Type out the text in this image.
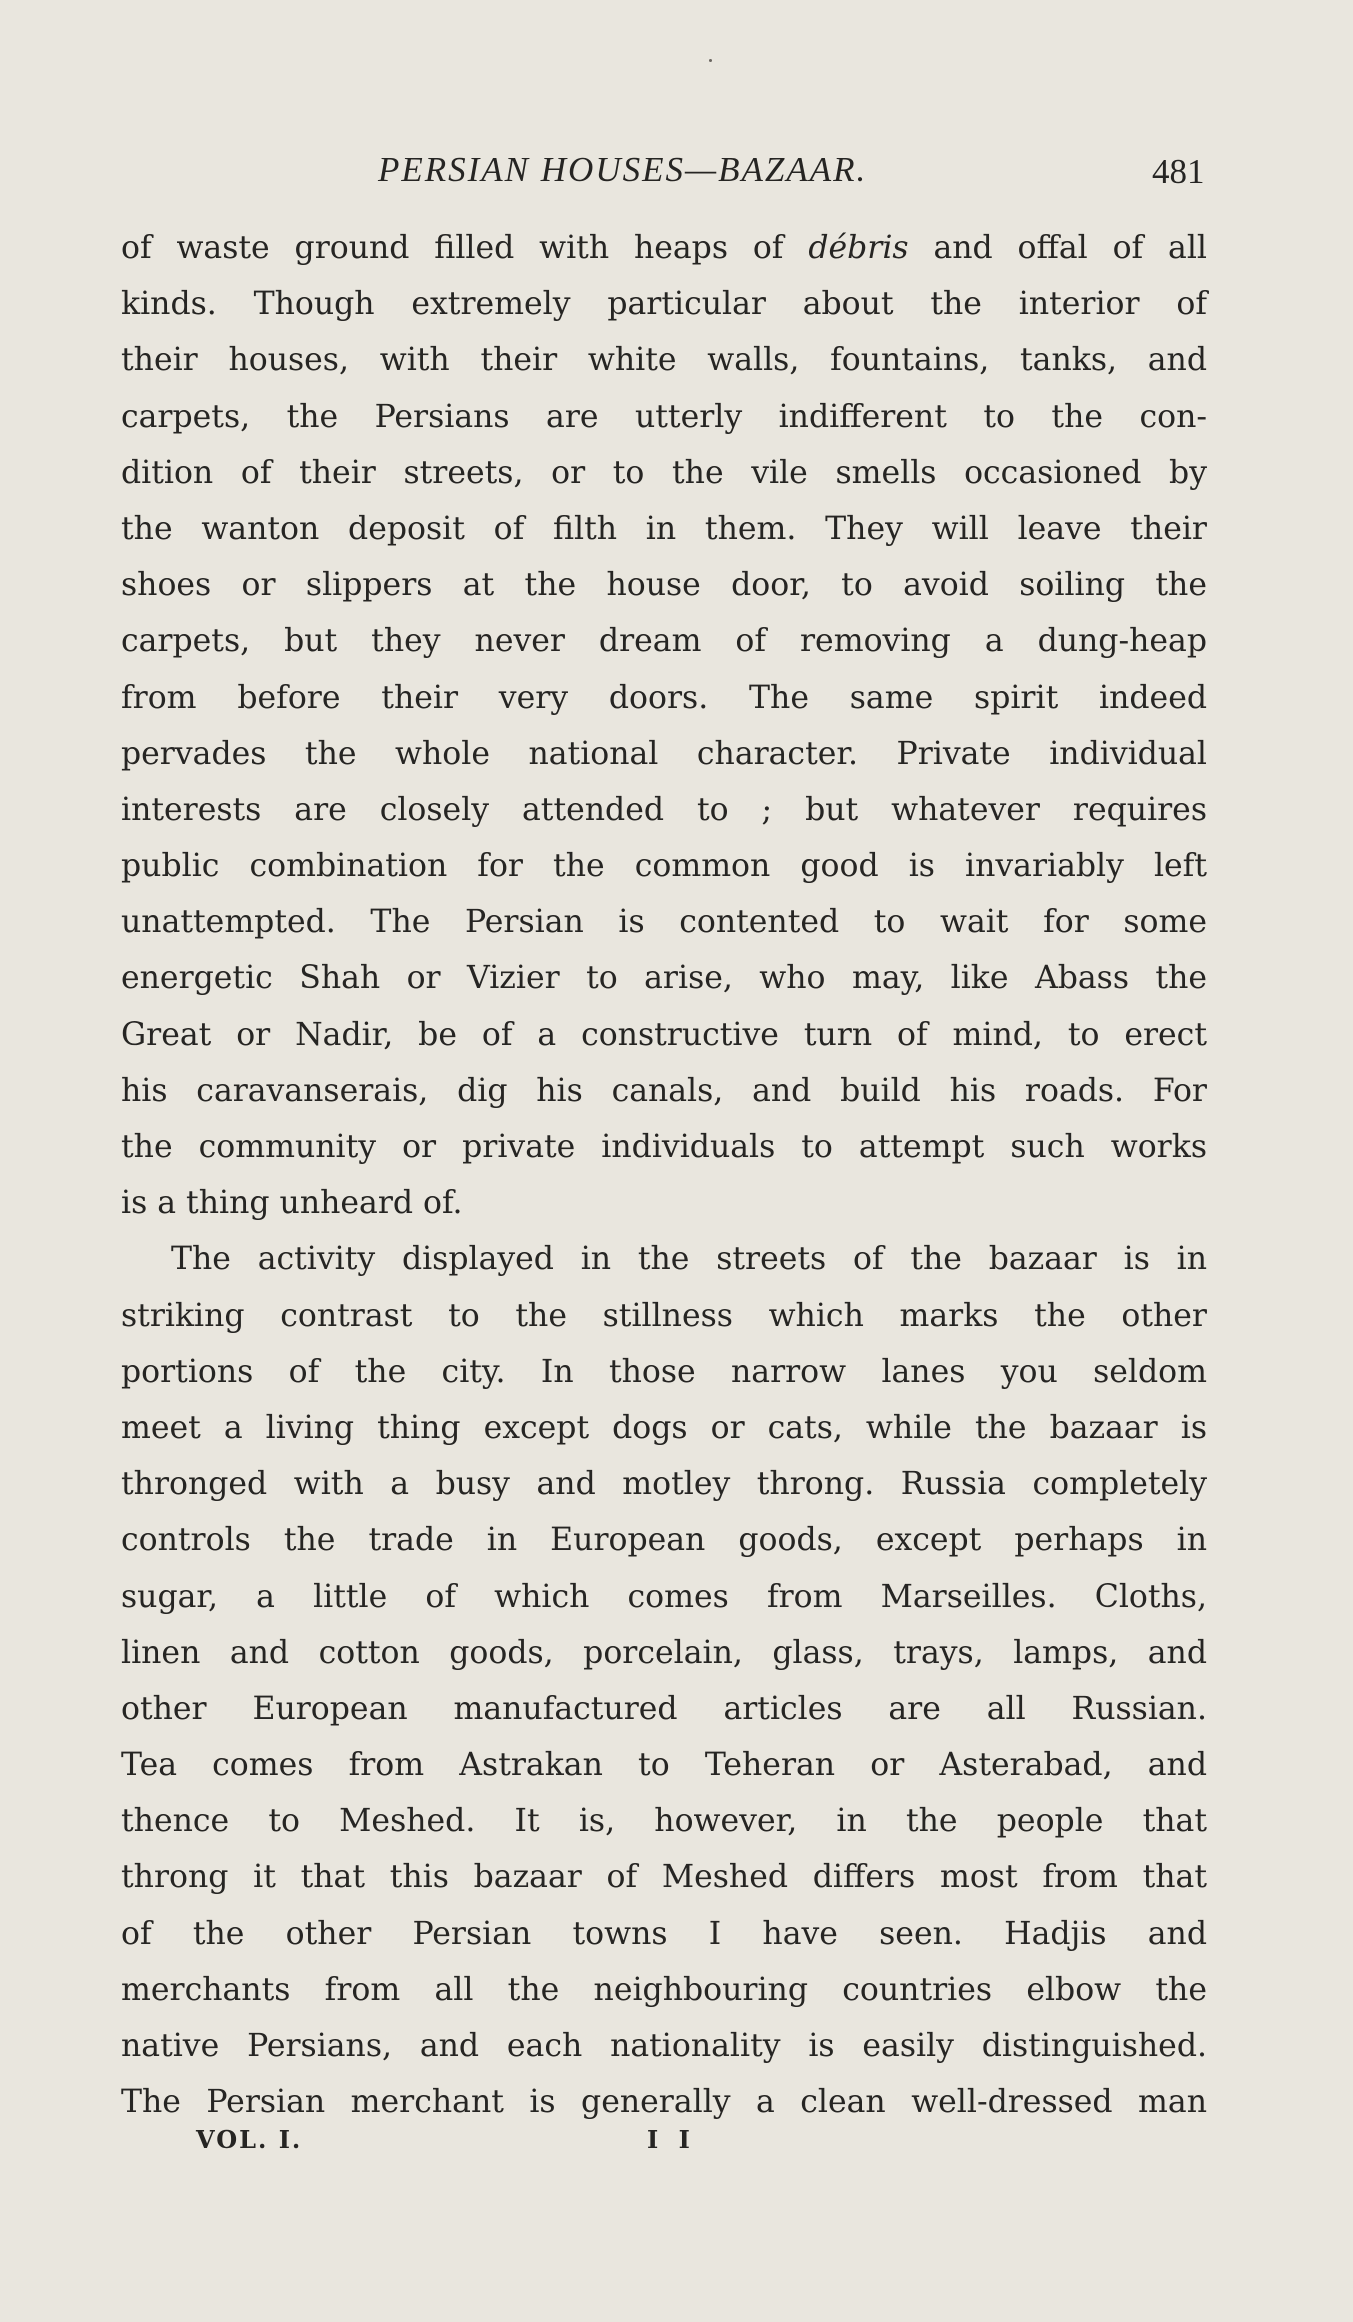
PERSIAN HOUSES—BAZAAR.	481
of waste ground filled with heaps of débris and offal of all
kinds. Though extremely particular about the interior of
their houses, with their white walls, fountains, tanks, and
carpets, the Persians are utterly indifferent to the con-
dition of their streets, or to the vile smells occasioned by
the wanton deposit of filth in them. They will leave their
shoes or slippers at the house door, to avoid soiling the
carpets, but they never dream of removing a dung-heap
from before their very doors. The same spirit indeed
pervades the whole national character. Private individual
interests are closely attended to ; but whatever requires
public combination for the common good is invariably left
unattempted. The Persian is contented to wait for some
energetic Shah or Vizier to arise, who may, like Abass the
Great or Nadir, be of a constructive turn of mind, to erect
his caravanserais, dig his canals, and build his roads. For
the community or private individuals to attempt such works
is a thing unheard of.
The activity displayed in the streets of the bazaar is in
striking contrast to the stillness which marks the other
portions of the city. In those narrow lanes you seldom
meet a living thing except dogs or cats, while the bazaar is
thronged with a busy and motley throng. Russia completely
controls the trade in European goods, except perhaps in
sugar, a little of which comes from Marseilles. Cloths,
linen and cotton goods, porcelain, glass, trays, lamps, and
other European manufactured articles are all Russian.
Tea comes from Astrakan to Teheran or Asterabad, and
thence to Meshed. It is, however, in the people that
throng it that this bazaar of Meshed differs most from that
of the other Persian towns I have seen. Hadjis and
merchants from all the neighbouring countries elbow the
native Persians, and each nationality is easily distinguished.
The Persian merchant is generally a clean well-dressed man
VOL. I.	I I
